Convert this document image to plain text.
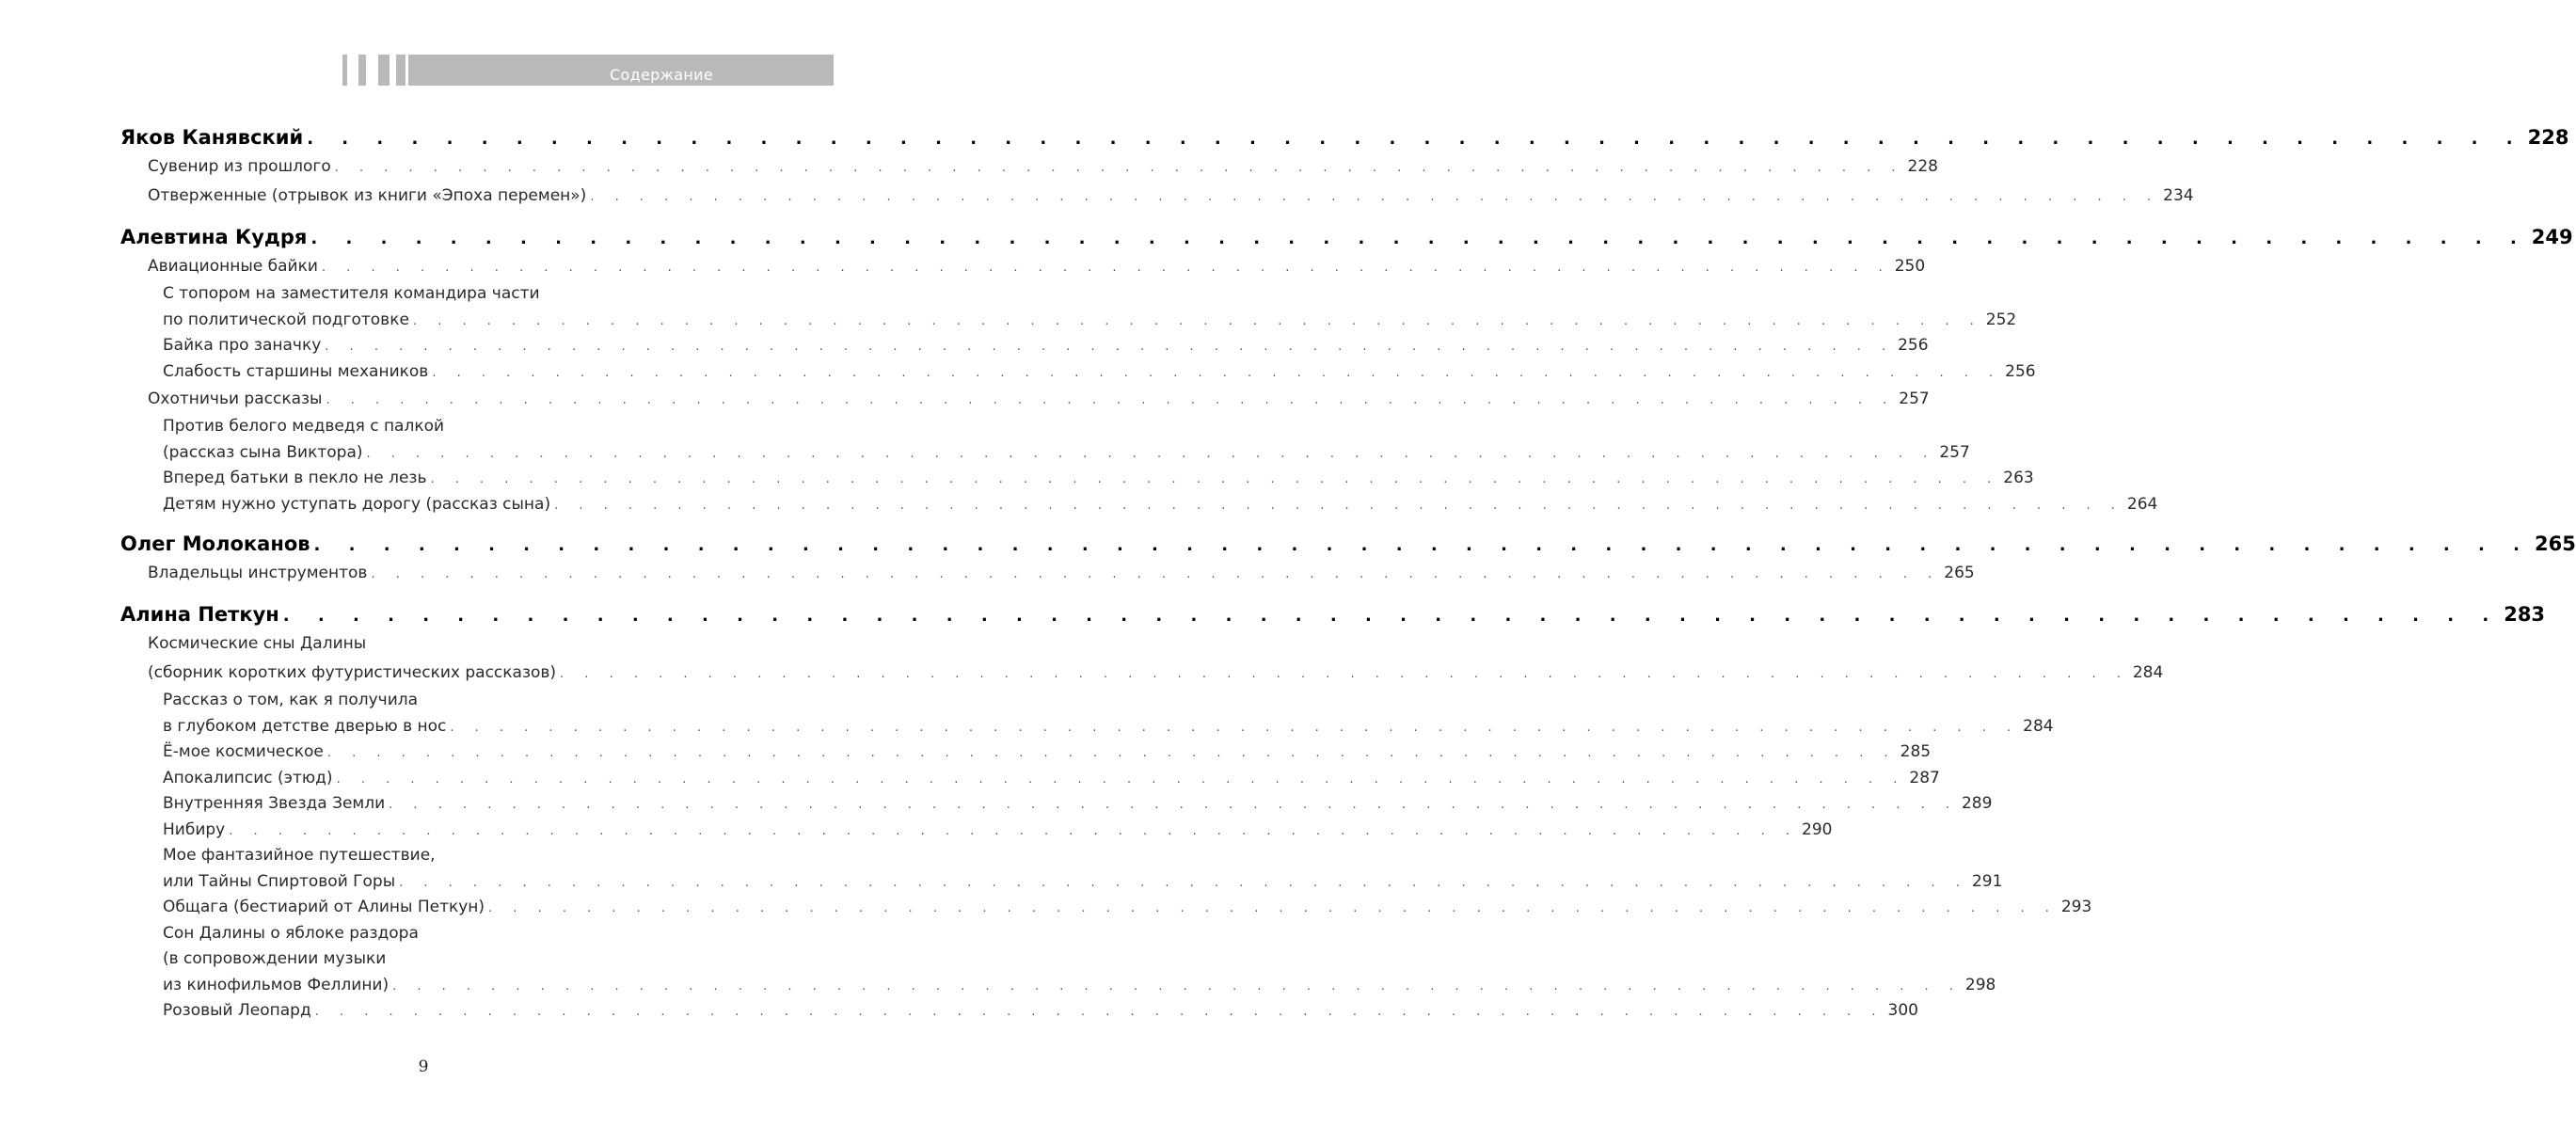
Содержание
Яков Канявский . . . . . . . . . . . . . . . . . . . . . . . . . . . . . . . . . . . . . . . . . . . . . . . . . . . . . . . . . . . . . . . . 228
Сувенир из прошлого . . . . . . . . . . . . . . . . . . . . . . . . . . . . . . . . . . . . . . . . . . . . . . . . . . . . . . . . . . . . . . . . 228
Отверженные (отрывок из книги «Эпоха перемен») . . . . . . . . . . . . . . . . . . . . . . . . . . . . . . . . . . . . . . . . . . . . . . . . . . . . . . . . . . . . . . . . 234
Алевтина Кудря . . . . . . . . . . . . . . . . . . . . . . . . . . . . . . . . . . . . . . . . . . . . . . . . . . . . . . . . . . . . . . . . 249
Авиационные байки . . . . . . . . . . . . . . . . . . . . . . . . . . . . . . . . . . . . . . . . . . . . . . . . . . . . . . . . . . . . . . . . 250
С топором на заместителя командира части
по политической подготовке . . . . . . . . . . . . . . . . . . . . . . . . . . . . . . . . . . . . . . . . . . . . . . . . . . . . . . . . . . . . . . . . 252
Байка про заначку . . . . . . . . . . . . . . . . . . . . . . . . . . . . . . . . . . . . . . . . . . . . . . . . . . . . . . . . . . . . . . . . 256
Слабость старшины механиков . . . . . . . . . . . . . . . . . . . . . . . . . . . . . . . . . . . . . . . . . . . . . . . . . . . . . . . . . . . . . . . . 256
Охотничьи рассказы . . . . . . . . . . . . . . . . . . . . . . . . . . . . . . . . . . . . . . . . . . . . . . . . . . . . . . . . . . . . . . . . 257
Против белого медведя с палкой
(рассказ сына Виктора) . . . . . . . . . . . . . . . . . . . . . . . . . . . . . . . . . . . . . . . . . . . . . . . . . . . . . . . . . . . . . . . . 257
Вперед батьки в пекло не лезь . . . . . . . . . . . . . . . . . . . . . . . . . . . . . . . . . . . . . . . . . . . . . . . . . . . . . . . . . . . . . . . . 263
Детям нужно уступать дорогу (рассказ сына) . . . . . . . . . . . . . . . . . . . . . . . . . . . . . . . . . . . . . . . . . . . . . . . . . . . . . . . . . . . . . . . . 264
Олег Молоканов . . . . . . . . . . . . . . . . . . . . . . . . . . . . . . . . . . . . . . . . . . . . . . . . . . . . . . . . . . . . . . . . 265
Владельцы инструментов . . . . . . . . . . . . . . . . . . . . . . . . . . . . . . . . . . . . . . . . . . . . . . . . . . . . . . . . . . . . . . . . 265
Алина Петкун . . . . . . . . . . . . . . . . . . . . . . . . . . . . . . . . . . . . . . . . . . . . . . . . . . . . . . . . . . . . . . . . 283
Космические сны Далины
(сборник коротких футуристических рассказов) . . . . . . . . . . . . . . . . . . . . . . . . . . . . . . . . . . . . . . . . . . . . . . . . . . . . . . . . . . . . . . . . 284
Рассказ о том, как я получила
в глубоком детстве дверью в нос . . . . . . . . . . . . . . . . . . . . . . . . . . . . . . . . . . . . . . . . . . . . . . . . . . . . . . . . . . . . . . . . 284
Ё-мое космическое . . . . . . . . . . . . . . . . . . . . . . . . . . . . . . . . . . . . . . . . . . . . . . . . . . . . . . . . . . . . . . . . 285
Апокалипсис (этюд) . . . . . . . . . . . . . . . . . . . . . . . . . . . . . . . . . . . . . . . . . . . . . . . . . . . . . . . . . . . . . . . . 287
Внутренняя Звезда Земли . . . . . . . . . . . . . . . . . . . . . . . . . . . . . . . . . . . . . . . . . . . . . . . . . . . . . . . . . . . . . . . . 289
Нибиру . . . . . . . . . . . . . . . . . . . . . . . . . . . . . . . . . . . . . . . . . . . . . . . . . . . . . . . . . . . . . . . . 290
Мое фантазийное путешествие,
или Тайны Спиртовой Горы . . . . . . . . . . . . . . . . . . . . . . . . . . . . . . . . . . . . . . . . . . . . . . . . . . . . . . . . . . . . . . . . 291
Общага (бестиарий от Алины Петкун) . . . . . . . . . . . . . . . . . . . . . . . . . . . . . . . . . . . . . . . . . . . . . . . . . . . . . . . . . . . . . . . . 293
Сон Далины о яблоке раздора
(в сопровождении музыки
из кинофильмов Феллини) . . . . . . . . . . . . . . . . . . . . . . . . . . . . . . . . . . . . . . . . . . . . . . . . . . . . . . . . . . . . . . . . 298
Розовый Леопард . . . . . . . . . . . . . . . . . . . . . . . . . . . . . . . . . . . . . . . . . . . . . . . . . . . . . . . . . . . . . . . . 300
9
